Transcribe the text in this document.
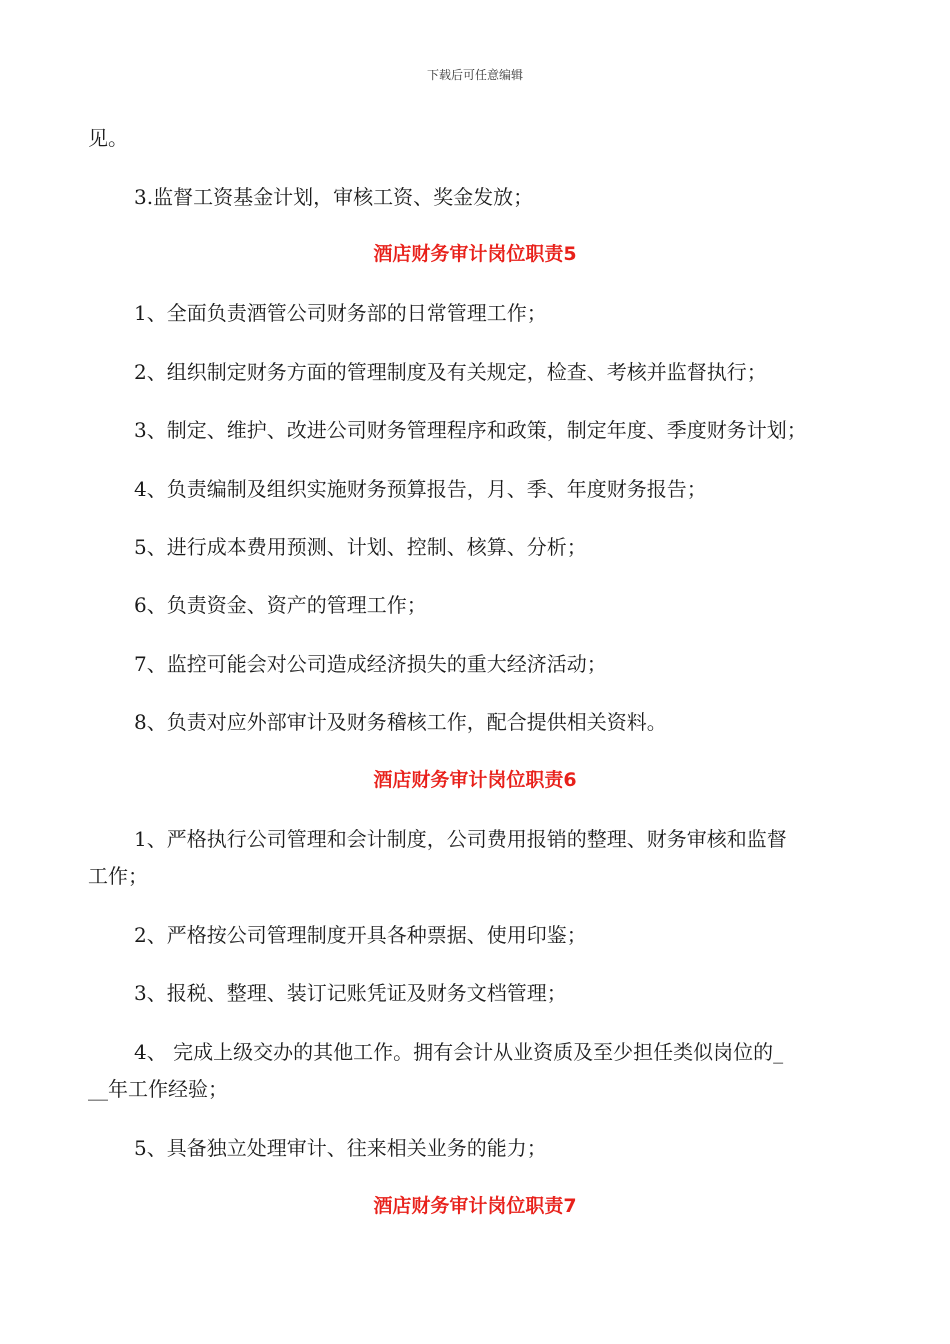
下载后可任意编辑
见。
3.监督工资基金计划，审核工资、奖金发放；
酒店财务审计岗位职责5
1、全面负责酒管公司财务部的日常管理工作；
2、组织制定财务方面的管理制度及有关规定，检查、考核并监督执行；
3、制定、维护、改进公司财务管理程序和政策，制定年度、季度财务计划；
4、负责编制及组织实施财务预算报告，月、季、年度财务报告；
5、进行成本费用预测、计划、控制、核算、分析；
6、负责资金、资产的管理工作；
7、监控可能会对公司造成经济损失的重大经济活动；
8、负责对应外部审计及财务稽核工作，配合提供相关资料。
酒店财务审计岗位职责6
1、严格执行公司管理和会计制度，公司费用报销的整理、财务审核和监督
工作；
2、严格按公司管理制度开具各种票据、使用印鉴；
3、报税、整理、装订记账凭证及财务文档管理；
4、 完成上级交办的其他工作。拥有会计从业资质及至少担任类似岗位的_
__年工作经验；
5、具备独立处理审计、往来相关业务的能力；
酒店财务审计岗位职责7
